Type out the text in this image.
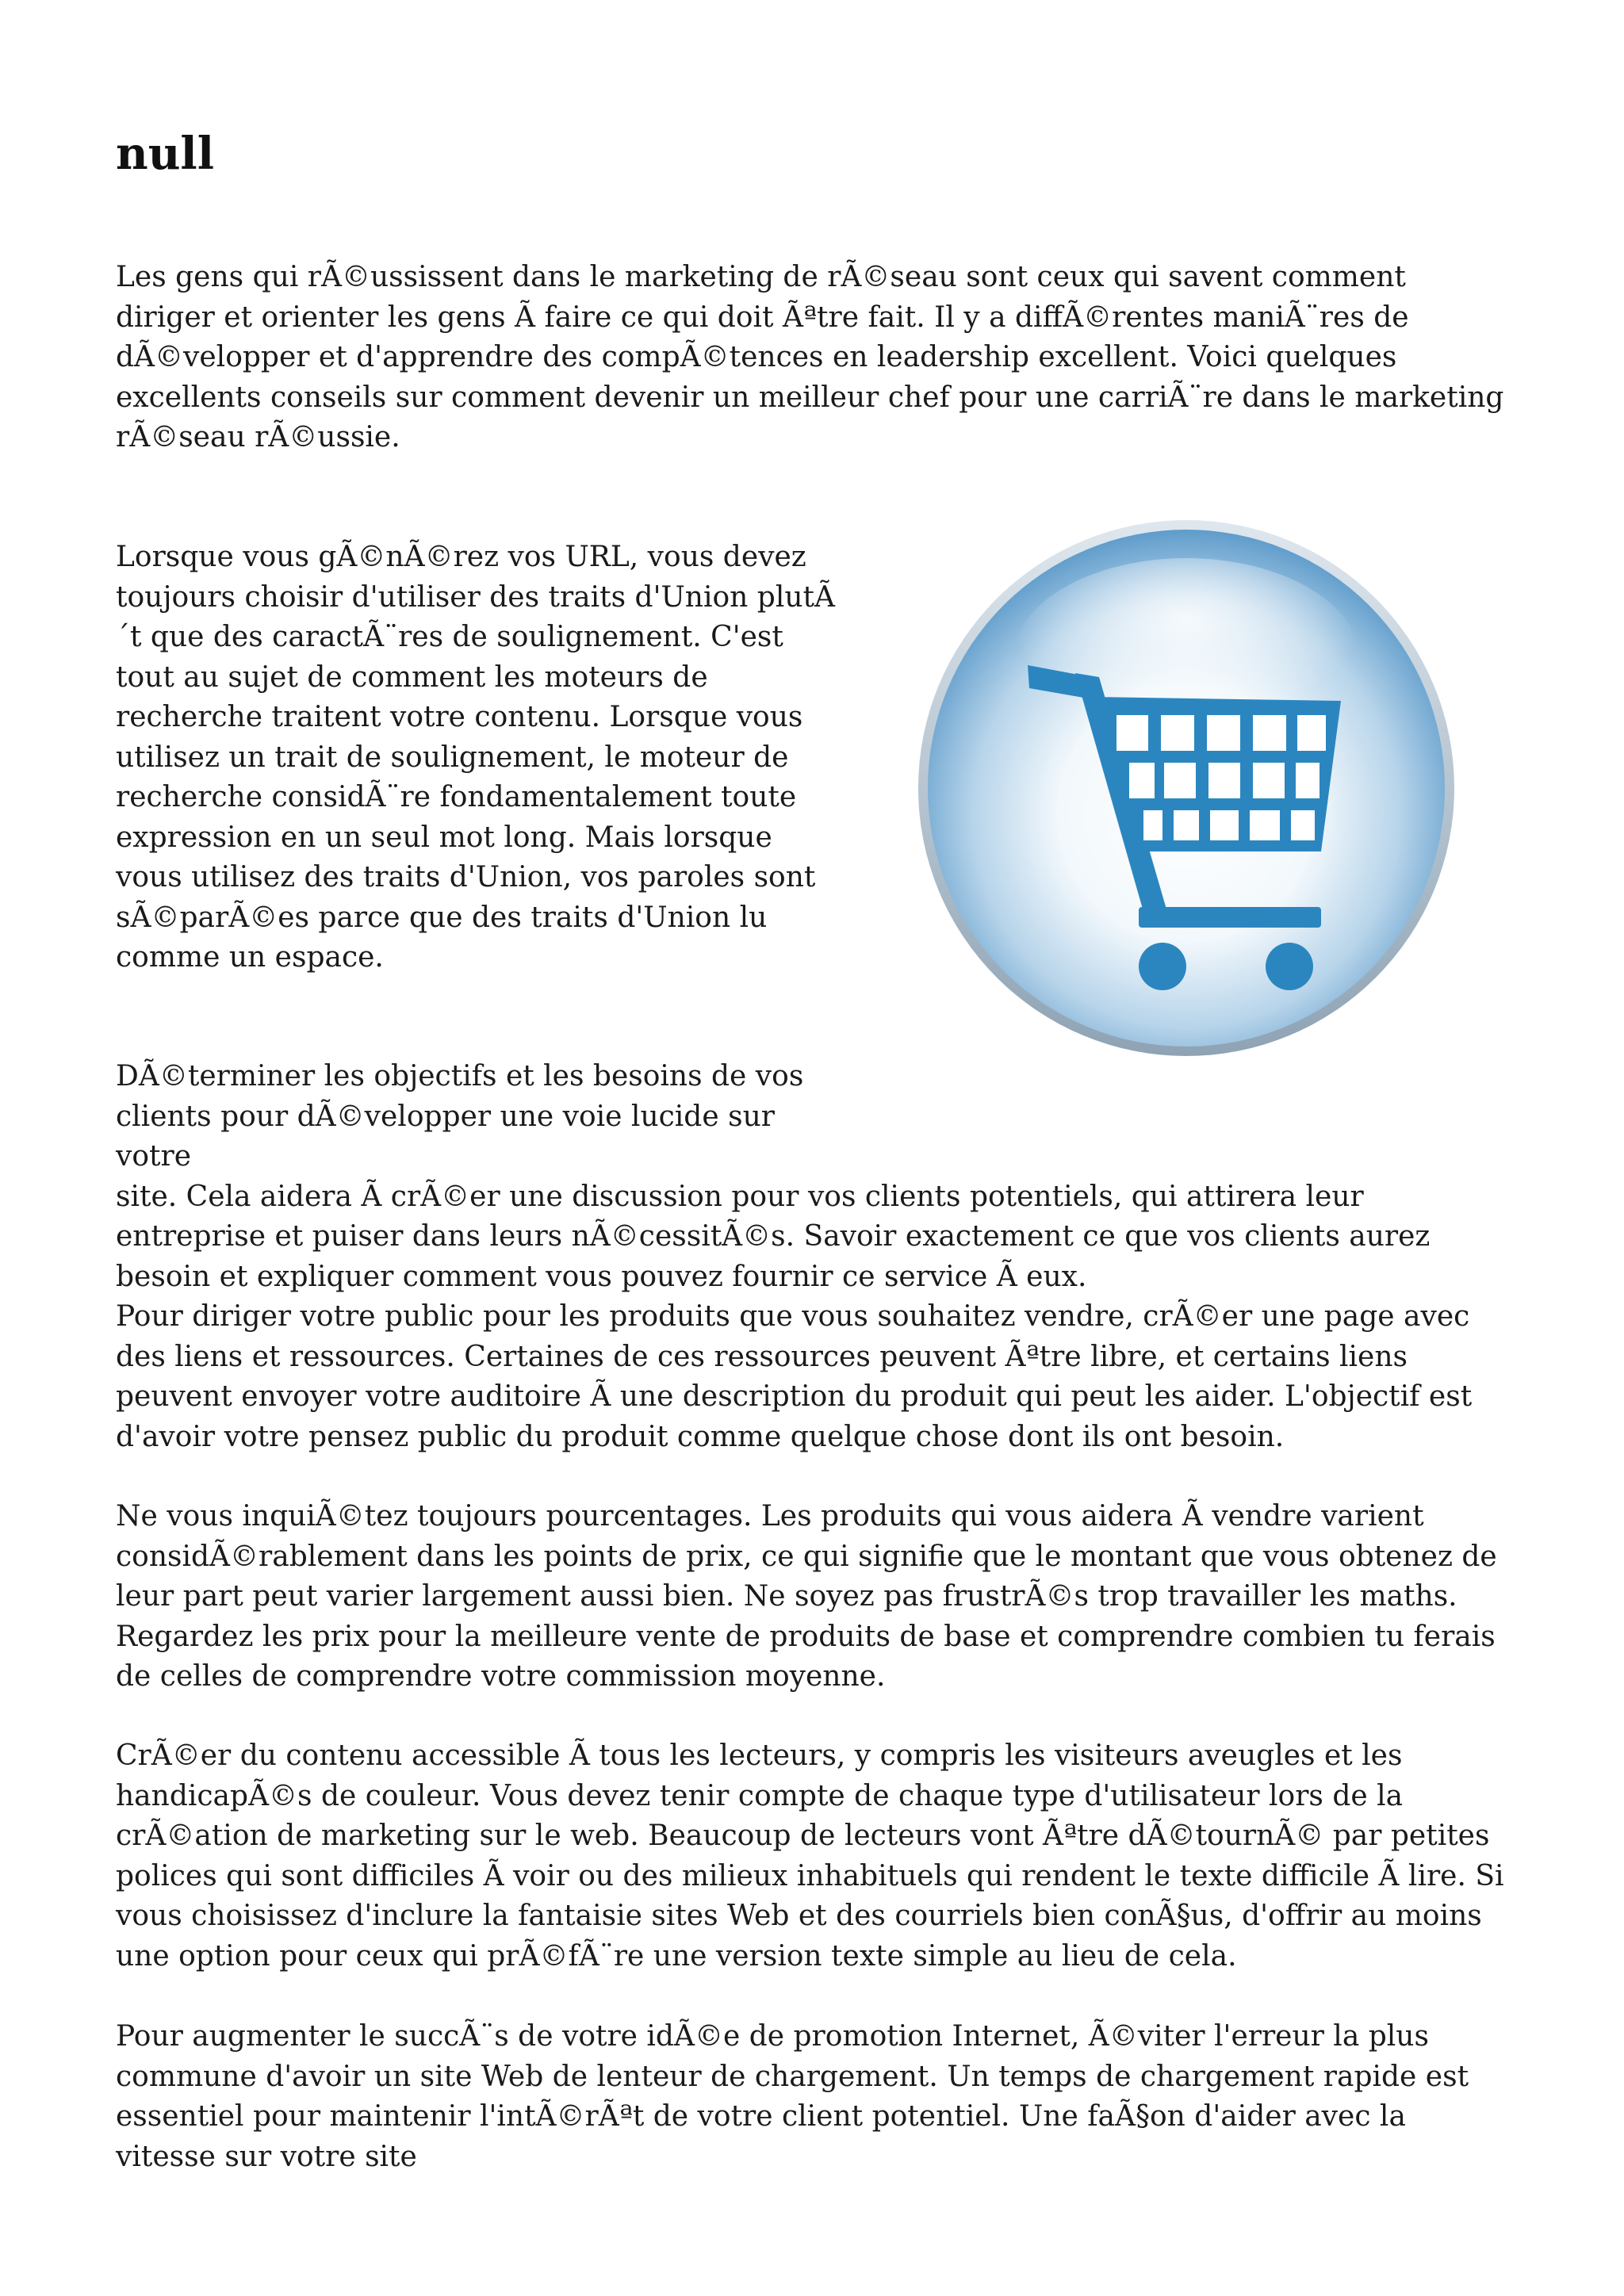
null

Les gens qui rÃ©ussissent dans le marketing de rÃ©seau sont ceux qui savent comment diriger et orienter les gens Ã faire ce qui doit Ãªtre fait. Il y a diffÃ©rentes maniÃ¨res de dÃ©velopper et d'apprendre des compÃ©tences en leadership excellent. Voici quelques excellents conseils sur comment devenir un meilleur chef pour une carriÃ¨re dans le marketing rÃ©seau rÃ©ussie.

Lorsque vous gÃ©nÃ©rez vos URL, vous devez toujours choisir d'utiliser des traits d'Union plutÃ´t que des caractÃ¨res de soulignement. C'est tout au sujet de comment les moteurs de recherche traitent votre contenu. Lorsque vous utilisez un trait de soulignement, le moteur de recherche considÃ¨re fondamentalement toute expression en un seul mot long. Mais lorsque vous utilisez des traits d'Union, vos paroles sont sÃ©parÃ©es parce que des traits d'Union lu comme un espace.

DÃ©terminer les objectifs et les besoins de vos clients pour dÃ©velopper une voie lucide sur votre
site. Cela aidera Ã crÃ©er une discussion pour vos clients potentiels, qui attirera leur entreprise et puiser dans leurs nÃ©cessitÃ©s. Savoir exactement ce que vos clients aurez besoin et expliquer comment vous pouvez fournir ce service Ã eux.

Pour diriger votre public pour les produits que vous souhaitez vendre, crÃ©er une page avec des liens et ressources. Certaines de ces ressources peuvent Ãªtre libre, et certains liens peuvent envoyer votre auditoire Ã une description du produit qui peut les aider. L'objectif est d'avoir votre pensez public du produit comme quelque chose dont ils ont besoin.

Ne vous inquiÃ©tez toujours pourcentages. Les produits qui vous aidera Ã vendre varient considÃ©rablement dans les points de prix, ce qui signifie que le montant que vous obtenez de leur part peut varier largement aussi bien. Ne soyez pas frustrÃ©s trop travailler les maths. Regardez les prix pour la meilleure vente de produits de base et comprendre combien tu ferais de celles de comprendre votre commission moyenne.

CrÃ©er du contenu accessible Ã tous les lecteurs, y compris les visiteurs aveugles et les handicapÃ©s de couleur. Vous devez tenir compte de chaque type d'utilisateur lors de la crÃ©ation de marketing sur le web. Beaucoup de lecteurs vont Ãªtre dÃ©tournÃ© par petites polices qui sont difficiles Ã voir ou des milieux inhabituels qui rendent le texte difficile Ã lire. Si vous choisissez d'inclure la fantaisie sites Web et des courriels bien conÃ§us, d'offrir au moins une option pour ceux qui prÃ©fÃ¨re une version texte simple au lieu de cela.

Pour augmenter le succÃ¨s de votre idÃ©e de promotion Internet, Ã©viter l'erreur la plus commune d'avoir un site Web de lenteur de chargement. Un temps de chargement rapide est essentiel pour maintenir l'intÃ©rÃªt de votre client potentiel. Une faÃ§on d'aider avec la vitesse sur votre site
